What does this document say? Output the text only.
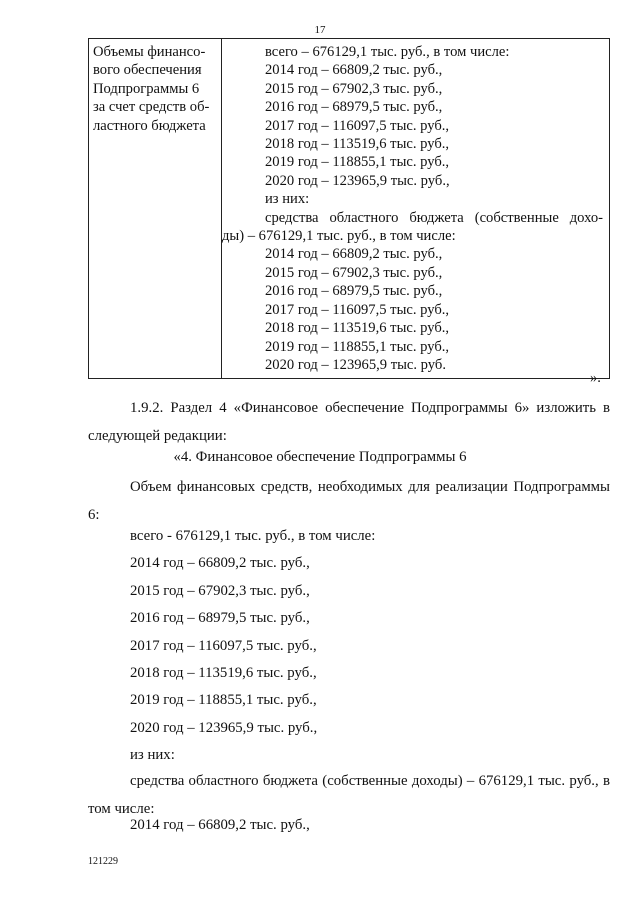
17
Объемы финансо-
вого обеспечения
Подпрограммы 6
за счет средств об-
ластного бюджета

всего – 676129,1 тыс. руб., в том числе:
2014 год – 66809,2 тыс. руб.,
2015 год – 67902,3 тыс. руб.,
2016 год – 68979,5 тыс. руб.,
2017 год – 116097,5 тыс. руб.,
2018 год – 113519,6 тыс. руб.,
2019 год – 118855,1 тыс. руб.,
2020 год – 123965,9 тыс. руб.,
из них:
средства областного бюджета (собственные дохо-
ды) – 676129,1 тыс. руб., в том числе:
2014 год – 66809,2 тыс. руб.,
2015 год – 67902,3 тыс. руб.,
2016 год – 68979,5 тыс. руб.,
2017 год – 116097,5 тыс. руб.,
2018 год – 113519,6 тыс. руб.,
2019 год – 118855,1 тыс. руб.,
2020 год – 123965,9 тыс. руб.
».
1.9.2. Раздел 4 «Финансовое обеспечение Подпрограммы 6» изложить в следующей редакции:
«4. Финансовое обеспечение Подпрограммы 6
Объем финансовых средств, необходимых для реализации Подпрограммы 6:
всего - 676129,1 тыс. руб., в том числе:
2014 год – 66809,2 тыс. руб.,
2015 год – 67902,3 тыс. руб.,
2016 год – 68979,5 тыс. руб.,
2017 год – 116097,5 тыс. руб.,
2018 год – 113519,6 тыс. руб.,
2019 год – 118855,1 тыс. руб.,
2020 год – 123965,9 тыс. руб.,
из них:
средства областного бюджета (собственные доходы) – 676129,1 тыс. руб., в том числе:
2014 год – 66809,2 тыс. руб.,
121229
